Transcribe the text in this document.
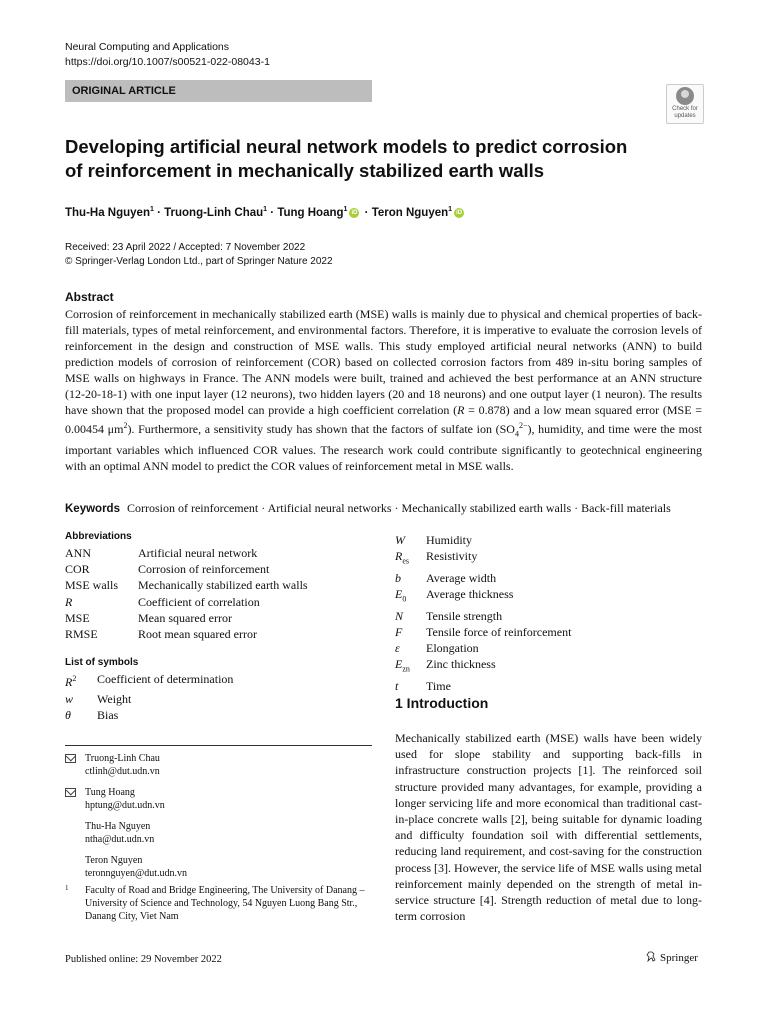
Neural Computing and Applications
https://doi.org/10.1007/s00521-022-08043-1
ORIGINAL ARTICLE
Check for
updates
Developing artificial neural network models to predict corrosion
of reinforcement in mechanically stabilized earth walls
Thu-Ha Nguyen$^1$ · Truong-Linh Chau$^1$ · Tung Hoang$^1$ iD · Teron Nguyen$^1$ iD
Received: 23 April 2022 / Accepted: 7 November 2022
© Springer-Verlag London Ltd., part of Springer Nature 2022
Abstract
Corrosion of reinforcement in mechanically stabilized earth (MSE) walls is mainly due to physical and chemical properties of back-fill materials, types of metal reinforcement, and environmental factors. Therefore, it is imperative to evaluate the corrosion levels of reinforcement in the design and construction of MSE walls. This study employed artificial neural networks (ANN) to build prediction models of corrosion of reinforcement (COR) based on collected corrosion factors from 489 in-situ boring samples of MSE walls on highways in France. The ANN models were built, trained and achieved the best performance at an ANN structure (12-20-18-1) with one input layer (12 neurons), two hidden layers (20 and 18 neurons) and one output layer (1 neuron). The results have shown that the proposed model can provide a high coefficient correlation (R = 0.878) and a low mean squared error (MSE = 0.00454 $\mu m^2$). Furthermore, a sensitivity study has shown that the factors of sulfate ion $(SO_4^{2-})$, humidity, and time were the most important variables which influenced COR values. The research work could contribute significantly to geotechnical engineering with an optimal ANN model to predict the COR values of reinforcement metal in MSE walls.
Keywords Corrosion of reinforcement · Artificial neural networks · Mechanically stabilized earth walls · Back-fill materials
Abbreviations
ANN	Artificial neural network
COR	Corrosion of reinforcement
MSE walls	Mechanically stabilized earth walls
R	Coefficient of correlation
MSE	Mean squared error
RMSE	Root mean squared error
List of symbols
$R^2$	Coefficient of determination
w	Weight
θ	Bias
W	Humidity
$R_{es}$	Resistivity
b	Average width
$E_0$	Average thickness
N	Tensile strength
F	Tensile force of reinforcement
ε	Elongation
$E_{zn}$	Zinc thickness
t	Time
1 Introduction
Mechanically stabilized earth (MSE) walls have been widely used for slope stability and supporting back-fills in infrastructure construction projects [1]. The reinforced soil structure provided many advantages, for example, providing a longer servicing life and more economical than traditional cast-in-place concrete walls [2], being suitable for dynamic loading and difficulty foundation soil with differential settlements, reducing land requirement, and cost-saving for the construction process [3]. However, the service life of MSE walls using metal reinforcement mainly depended on the strength of metal in-service structure [4]. Strength reduction of metal due to long-term corrosion
Truong-Linh Chau
ctlinh@dut.udn.vn
Tung Hoang
hptung@dut.udn.vn
Thu-Ha Nguyen
ntha@dut.udn.vn
Teron Nguyen
teronnguyen@dut.udn.vn
1 Faculty of Road and Bridge Engineering, The University of Danang – University of Science and Technology, 54 Nguyen Luong Bang Str., Danang City, Viet Nam
Published online: 29 November 2022	Springer
